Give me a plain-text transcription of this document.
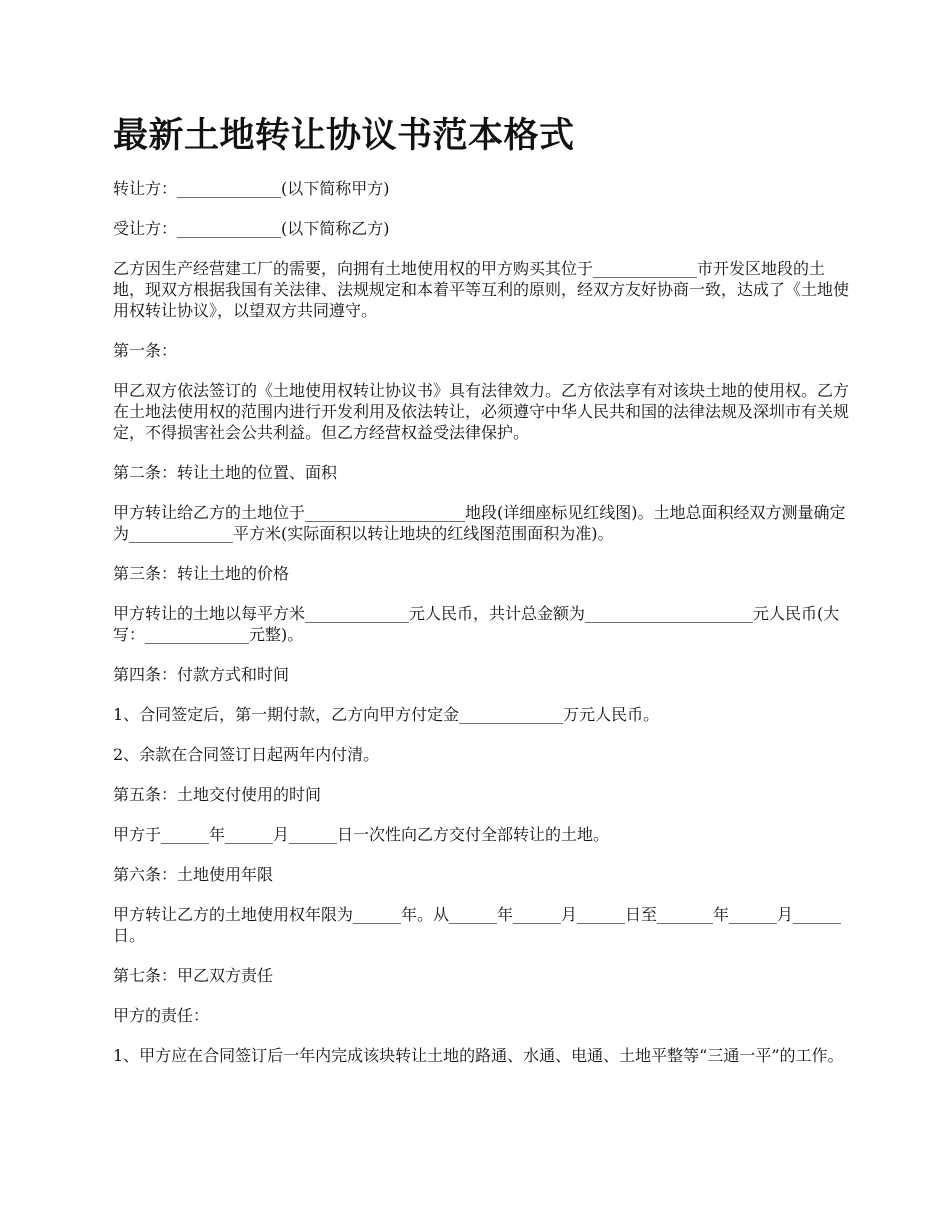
最新土地转让协议书范本格式

转让方：_____________(以下简称甲方)

受让方：_____________(以下简称乙方)

乙方因生产经营建工厂的需要，向拥有土地使用权的甲方购买其位于_____________市开发区地段的土地，现双方根据我国有关法律、法规规定和本着平等互利的原则，经双方友好协商一致，达成了《土地使用权转让协议》，以望双方共同遵守。

第一条：

甲乙双方依法签订的《土地使用权转让协议书》具有法律效力。乙方依法享有对该块土地的使用权。乙方在土地法使用权的范围内进行开发利用及依法转让，必须遵守中华人民共和国的法律法规及深圳市有关规定，不得损害社会公共利益。但乙方经营权益受法律保护。

第二条：转让土地的位置、面积

甲方转让给乙方的土地位于____________________地段(详细座标见红线图)。土地总面积经双方测量确定为_____________平方米(实际面积以转让地块的红线图范围面积为准)。

第三条：转让土地的价格

甲方转让的土地以每平方米_____________元人民币，共计总金额为_____________________元人民币(大写：_____________元整)。

第四条：付款方式和时间

1、合同签定后，第一期付款，乙方向甲方付定金_____________万元人民币。

2、余款在合同签订日起两年内付清。

第五条：土地交付使用的时间

甲方于______年______月______日一次性向乙方交付全部转让的土地。

第六条：土地使用年限

甲方转让乙方的土地使用权年限为______年。从______年______月______日至_______年______月______日。

第七条：甲乙双方责任

甲方的责任：

1、甲方应在合同签订后一年内完成该块转让土地的路通、水通、电通、土地平整等“三通一平”的工作。
